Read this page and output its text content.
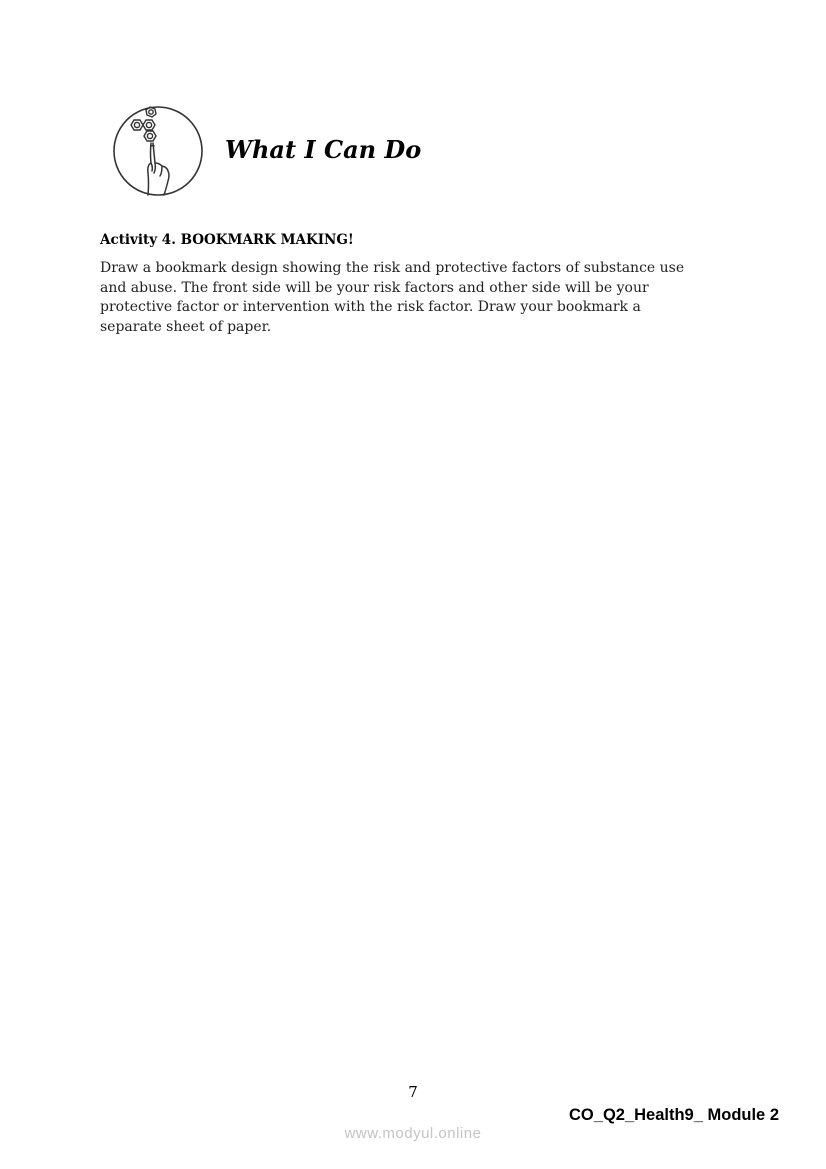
What I Can Do
Activity 4. BOOKMARK MAKING!
Draw a bookmark design showing the risk and protective factors of substance use
and abuse. The front side will be your risk factors and other side will be your
protective factor or intervention with the risk factor. Draw your bookmark a
separate sheet of paper.
7
CO_Q2_Health9_ Module 2
www.modyul.online
